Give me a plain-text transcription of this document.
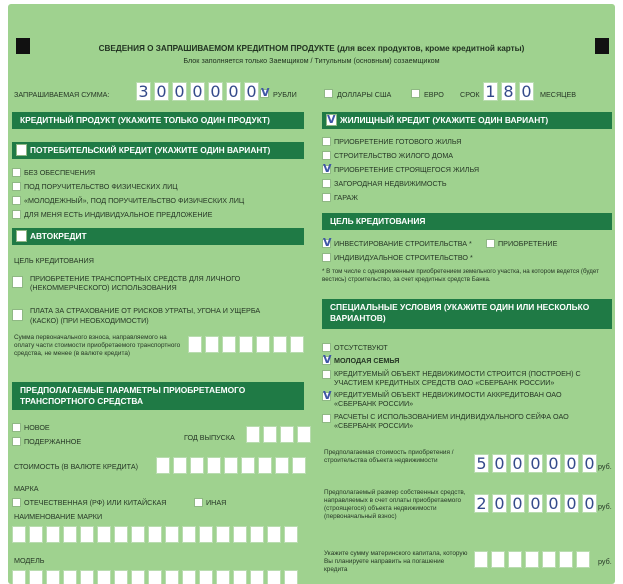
СВЕДЕНИЯ О ЗАПРАШИВАЕМОМ КРЕДИТНОМ ПРОДУКТЕ (для всех продуктов, кроме кредитной карты)
Блок заполняется только Заемщиком / Титульным (основным) созаемщиком
ЗАПРАШИВАЕМАЯ СУММА: 3 0 0 0 0 0 0 V РУБЛИ	ДОЛЛАРЫ США	ЕВРО СРОК 1 8 0	МЕСЯЦЕВ
КРЕДИТНЫЙ ПРОДУКТ (УКАЖИТЕ ТОЛЬКО ОДИН ПРОДУКТ)
ПОТРЕБИТЕЛЬСКИЙ КРЕДИТ (УКАЖИТЕ ОДИН ВАРИАНТ)
БЕЗ ОБЕСПЕЧЕНИЯ
ПОД ПОРУЧИТЕЛЬСТВО ФИЗИЧЕСКИХ ЛИЦ
«МОЛОДЕЖНЫЙ», ПОД ПОРУЧИТЕЛЬСТВО ФИЗИЧЕСКИХ ЛИЦ
ДЛЯ МЕНЯ ЕСТЬ ИНДИВИДУАЛЬНОЕ ПРЕДЛОЖЕНИЕ
АВТОКРЕДИТ
ЦЕЛЬ КРЕДИТОВАНИЯ
ПРИОБРЕТЕНИЕ ТРАНСПОРТНЫХ СРЕДСТВ ДЛЯ ЛИЧНОГО
(НЕКОММЕРЧЕСКОГО) ИСПОЛЬЗОВАНИЯ
ПЛАТА ЗА СТРАХОВАНИЕ ОТ РИСКОВ УТРАТЫ, УГОНА И УЩЕРБА
(КАСКО) (ПРИ НЕОБХОДИМОСТИ)
Сумма первоначального взноса, направляемого на оплату части стоимости приобретаемого транспортного средства, не менее (в валюте кредита)
ПРЕДПОЛАГАЕМЫЕ ПАРАМЕТРЫ ПРИОБРЕТАЕМОГО ТРАНСПОРТНОГО СРЕДСТВА
НОВОЕ
ПОДЕРЖАННОЕ	ГОД ВЫПУСКА
СТОИМОСТЬ (В ВАЛЮТЕ КРЕДИТА)
МАРКА
ОТЕЧЕСТВЕННАЯ (РФ) ИЛИ КИТАЙСКАЯ	ИНАЯ
НАИМЕНОВАНИЕ МАРКИ
МОДЕЛЬ
ЖИЛИЩНЫЙ КРЕДИТ (УКАЖИТЕ ОДИН ВАРИАНТ)
V
ПРИОБРЕТЕНИЕ ГОТОВОГО ЖИЛЬЯ
СТРОИТЕЛЬСТВО ЖИЛОГО ДОМА
V ПРИОБРЕТЕНИЕ СТРОЯЩЕГОСЯ ЖИЛЬЯ
ЗАГОРОДНАЯ НЕДВИЖИМОСТЬ
ГАРАЖ
ЦЕЛЬ КРЕДИТОВАНИЯ
V ИНВЕСТИРОВАНИЕ СТРОИТЕЛЬСТВА *	ПРИОБРЕТЕНИЕ
ИНДИВИДУАЛЬНОЕ СТРОИТЕЛЬСТВО *
* В том числе с одновременным приобретением земельного участка, на котором ведется (будет вестись) строительство, за счет кредитных средств Банка.
СПЕЦИАЛЬНЫЕ УСЛОВИЯ (УКАЖИТЕ ОДИН ИЛИ НЕСКОЛЬКО ВАРИАНТОВ)
ОТСУТСТВУЮТ
V МОЛОДАЯ СЕМЬЯ
КРЕДИТУЕМЫЙ ОБЪЕКТ НЕДВИЖИМОСТИ СТРОИТСЯ (ПОСТРОЕН) С УЧАСТИЕМ КРЕДИТНЫХ СРЕДСТВ ОАО «СБЕРБАНК РОССИИ»
V КРЕДИТУЕМЫЙ ОБЪЕКТ НЕДВИЖИМОСТИ АККРЕДИТОВАН ОАО «СБЕРБАНК РОССИИ»
РАСЧЕТЫ С ИСПОЛЬЗОВАНИЕМ ИНДИВИДУАЛЬНОГО СЕЙФА ОАО «СБЕРБАНК РОССИИ»
Предполагаемая стоимость приобретения / строительства объекта недвижимости	5 0 0 0 0 0 0 руб.
Предполагаемый размер собственных средств, направляемых в счет оплаты приобретаемого (строящегося) объекта недвижимости (первоначальный взнос)
2 0 0 0 0 0 0 руб.
Укажите сумму материнского капитала, которую Вы планируете направить на погашение кредита
руб.
